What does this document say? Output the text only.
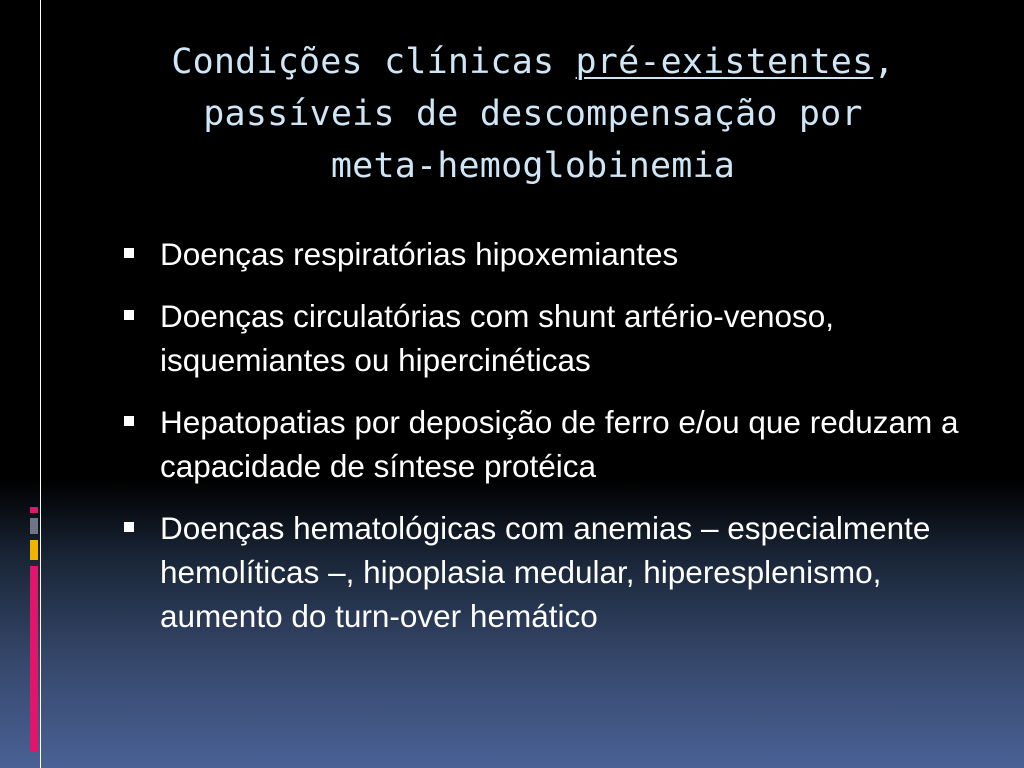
Condições clínicas pré-existentes,
passíveis de descompensação por
meta-hemoglobinemia
Doenças respiratórias hipoxemiantes
Doenças circulatórias com shunt artério-venoso, isquemiantes ou hipercinéticas
Hepatopatias por deposição de ferro e/ou que reduzam a capacidade de síntese protéica
Doenças hematológicas com anemias – especialmente hemolíticas –, hipoplasia medular, hiperesplenismo, aumento do turn-over hemático
